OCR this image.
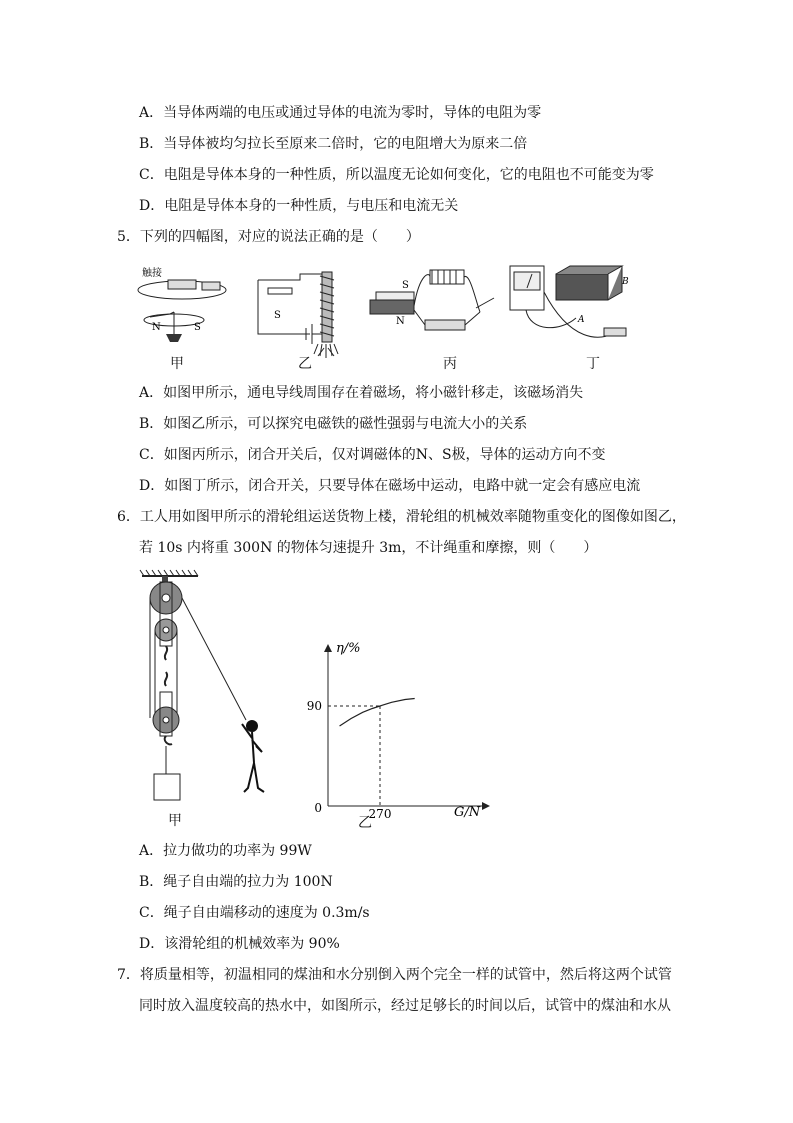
A．当导体两端的电压或通过导体的电流为零时，导体的电阻为零
B．当导体被均匀拉长至原来二倍时，它的电阻增大为原来二倍
C．电阻是导体本身的一种性质，所以温度无论如何变化，它的电阻也不可能变为零
D．电阻是导体本身的一种性质，与电压和电流无关
5．下列的四幅图，对应的说法正确的是（　　）
触接
N	S
S
S
N
B
A
甲	乙	丙	丁
A．如图甲所示，通电导线周围存在着磁场，将小磁针移走，该磁场消失
B．如图乙所示，可以探究电磁铁的磁性强弱与电流大小的关系
C．如图丙所示，闭合开关后，仅对调磁体的N、S极，导体的运动方向不变
D．如图丁所示，闭合开关，只要导体在磁场中运动，电路中就一定会有感应电流
6．工人用如图甲所示的滑轮组运送货物上楼，滑轮组的机械效率随物重变化的图像如图乙，
若 10s 内将重 300N 的物体匀速提升 3m，不计绳重和摩擦，则（　　）
甲
η/%
G/N
0
90
270
乙
A．拉力做功的功率为 99W
B．绳子自由端的拉力为 100N
C．绳子自由端移动的速度为 0.3m/s
D．该滑轮组的机械效率为 90%
7．将质量相等，初温相同的煤油和水分别倒入两个完全一样的试管中，然后将这两个试管
同时放入温度较高的热水中，如图所示，经过足够长的时间以后，试管中的煤油和水从
